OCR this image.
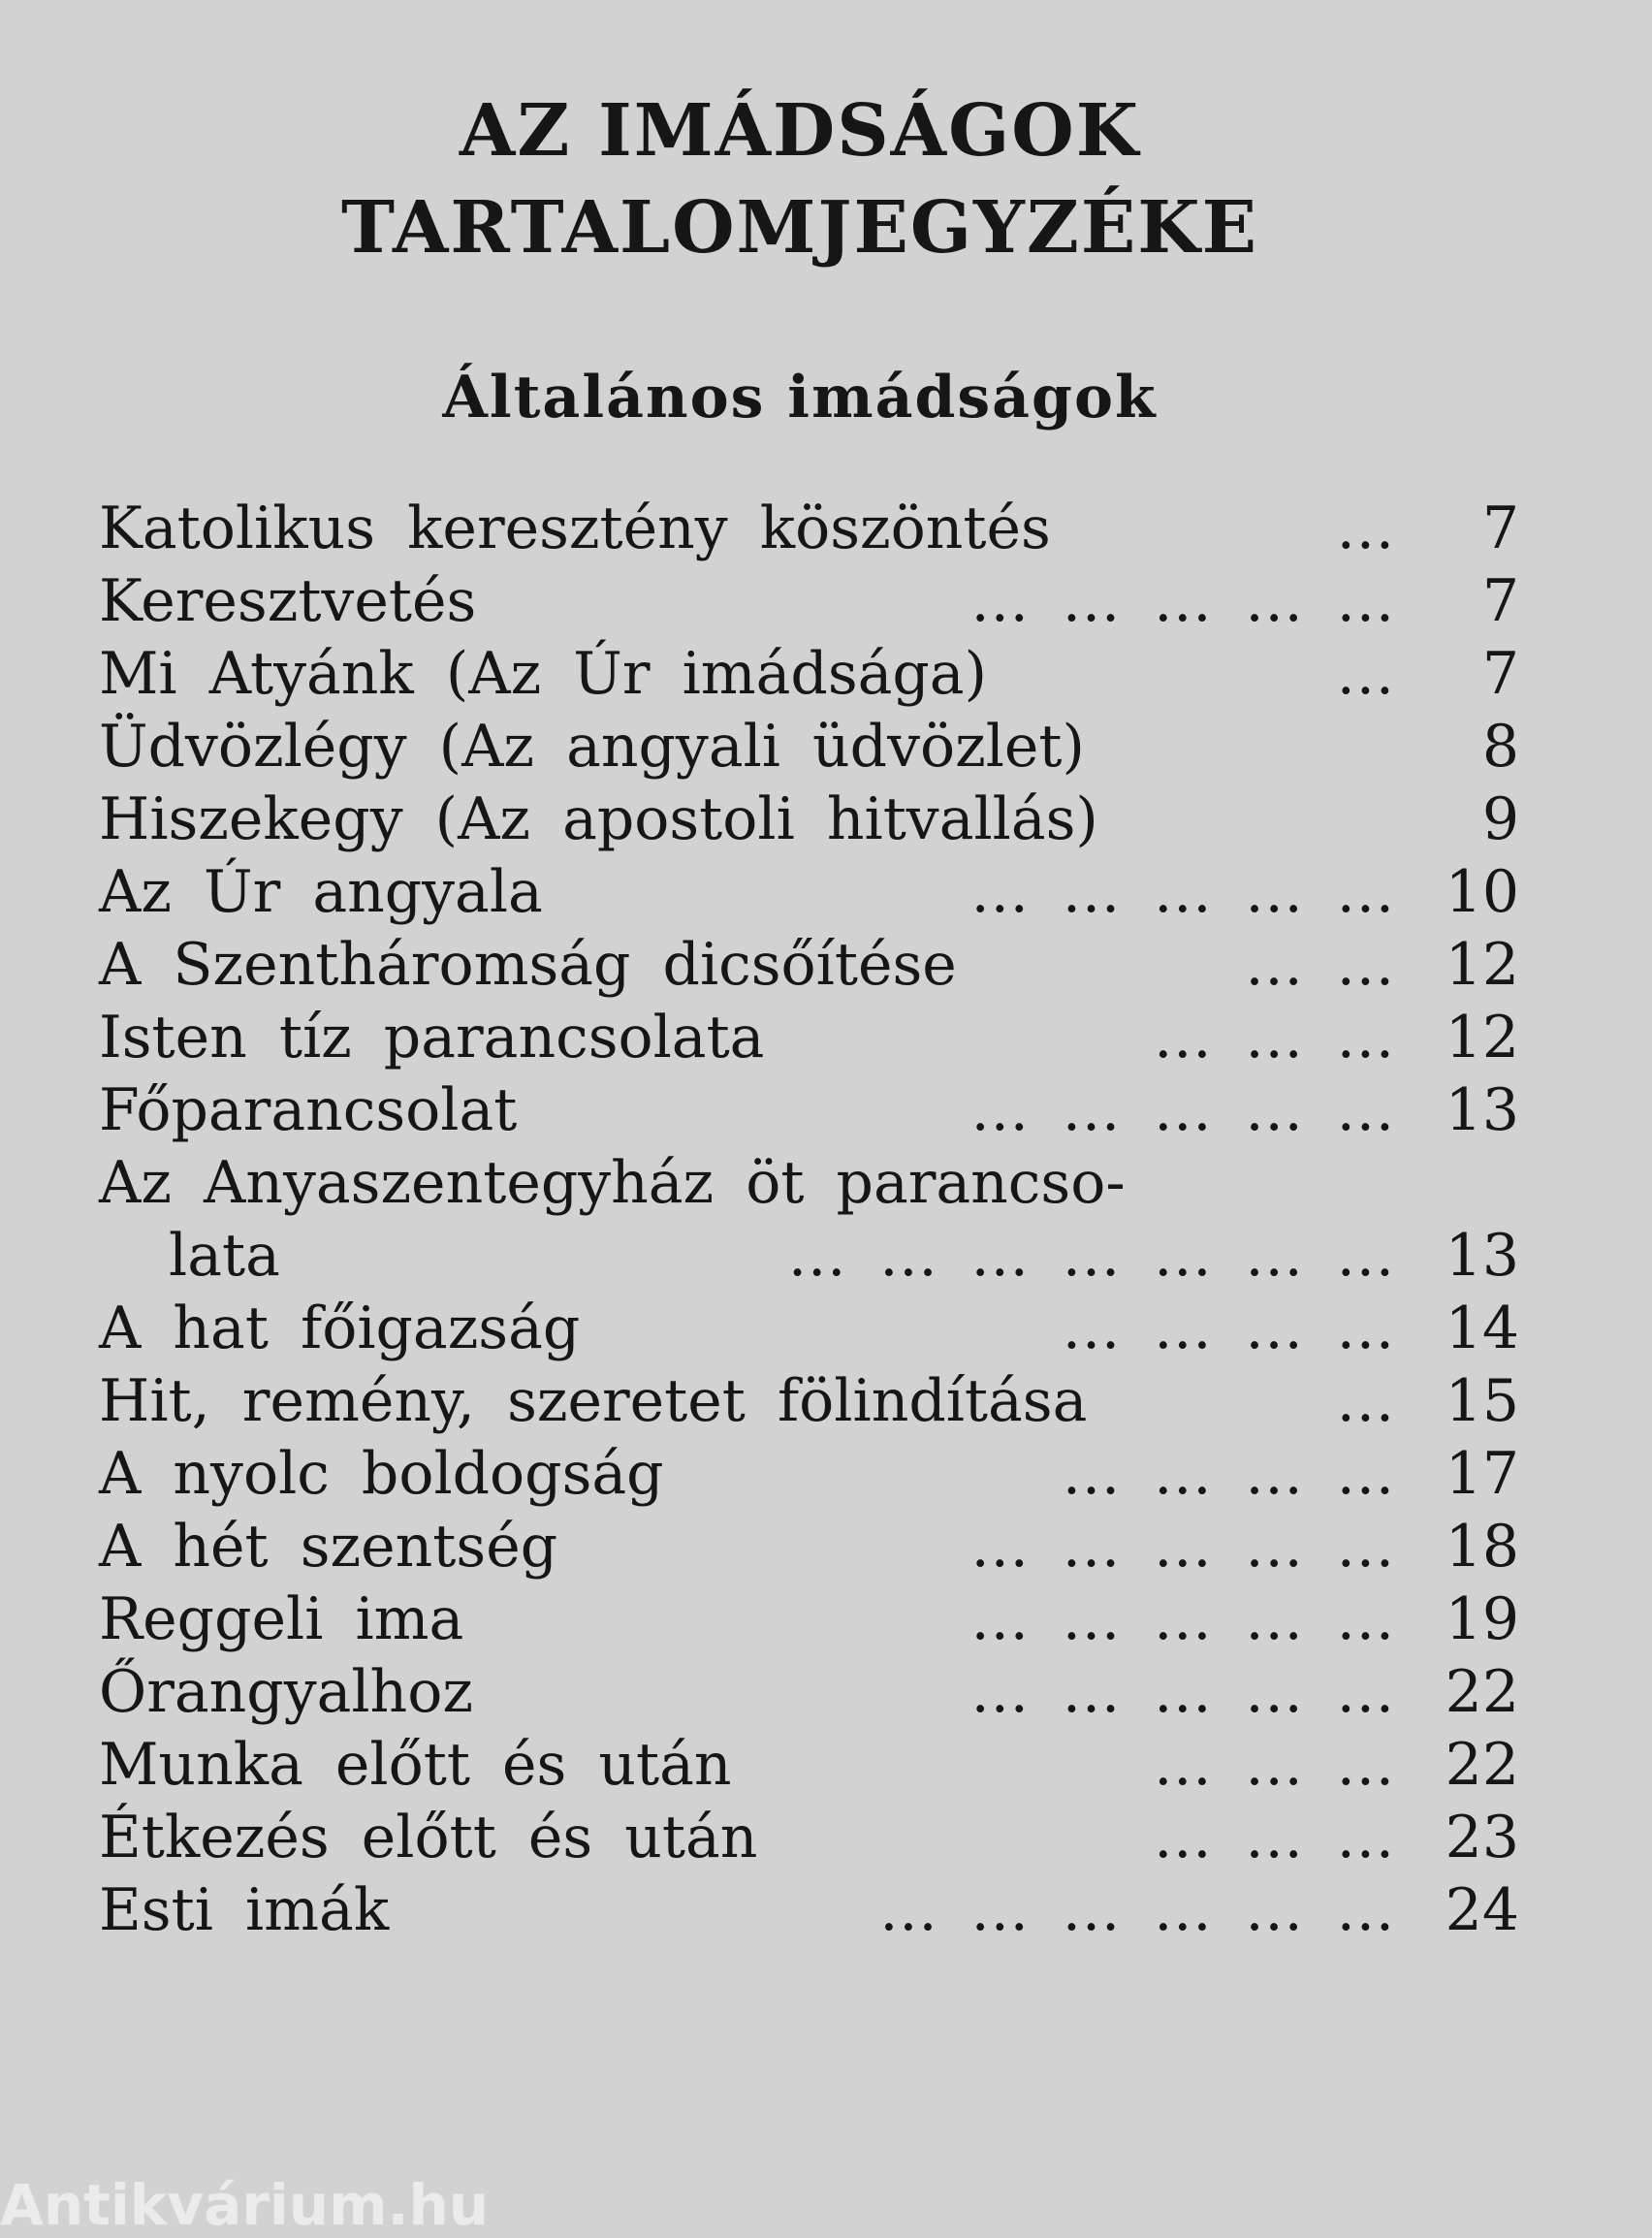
AZ IMÁDSÁGOK
TARTALOMJEGYZÉKE
Általános imádságok
Katolikus keresztény köszöntés	...	7
Keresztvetés	... ... ... ... ...	7
Mi Atyánk (Az Úr imádsága)	...	7
Üdvözlégy (Az angyali üdvözlet)	8
Hiszekegy (Az apostoli hitvallás)	9
Az Úr angyala	... ... ... ... ... 10
A Szentháromság dicsőítése	... ... 12
Isten tíz parancsolata	... ... ... 12
Főparancsolat	... ... ... ... ... 13
Az Anyaszentegyház öt parancso-
lata	... ... ... ... ... ... ... 13
A hat főigazság	... ... ... ... 14
Hit, remény, szeretet fölindítása	... 15
A nyolc boldogság	... ... ... ... 17
A hét szentség	... ... ... ... ... 18
Reggeli ima	... ... ... ... ... 19
Őrangyalhoz	... ... ... ... ... 22
Munka előtt és után	... ... ... 22
Étkezés előtt és után	... ... ... 23
Esti imák	... ... ... ... ... ... 24
Antikvárium.hu
